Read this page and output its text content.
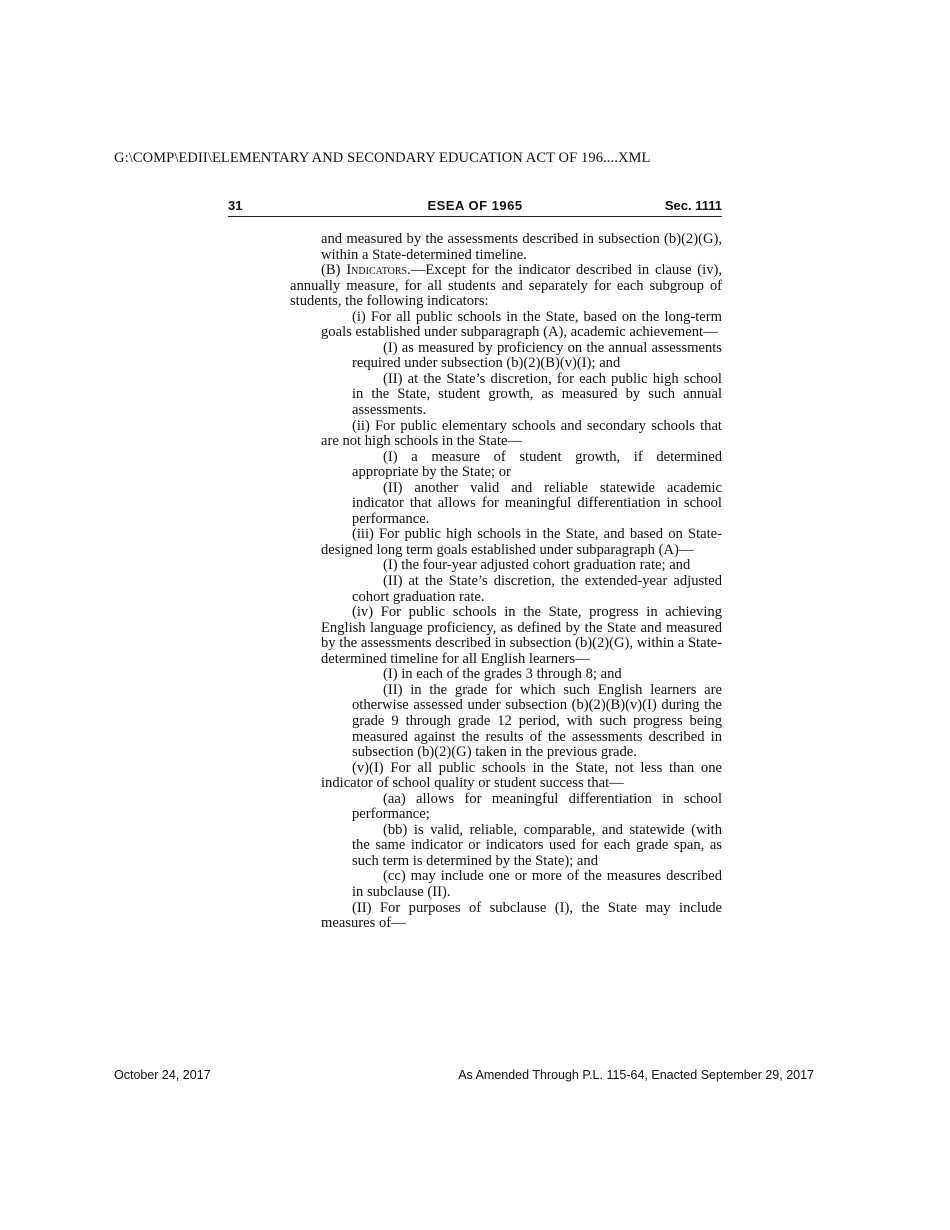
G:\COMP\EDII\ELEMENTARY AND SECONDARY EDUCATION ACT OF 196....XML
ESEA OF 1965
31	Sec. 1111

and measured by the assessments described in subsection (b)(2)(G), within a State-determined timeline.

(B) Indicators.—Except for the indicator described in clause (iv), annually measure, for all students and separately for each subgroup of students, the following indicators:

(i) For all public schools in the State, based on the long-term goals established under subparagraph (A), academic achievement—

(I) as measured by proficiency on the annual assessments required under subsection (b)(2)(B)(v)(I); and

(II) at the State’s discretion, for each public high school in the State, student growth, as measured by such annual assessments.

(ii) For public elementary schools and secondary schools that are not high schools in the State—

(I) a measure of student growth, if determined appropriate by the State; or

(II) another valid and reliable statewide academic indicator that allows for meaningful differentiation in school performance.

(iii) For public high schools in the State, and based on State-designed long term goals established under subparagraph (A)—

(I) the four-year adjusted cohort graduation rate; and

(II) at the State’s discretion, the extended-year adjusted cohort graduation rate.

(iv) For public schools in the State, progress in achieving English language proficiency, as defined by the State and measured by the assessments described in subsection (b)(2)(G), within a State-determined timeline for all English learners—

(I) in each of the grades 3 through 8; and

(II) in the grade for which such English learners are otherwise assessed under subsection (b)(2)(B)(v)(I) during the grade 9 through grade 12 period, with such progress being measured against the results of the assessments described in subsection (b)(2)(G) taken in the previous grade.

(v)(I) For all public schools in the State, not less than one indicator of school quality or student success that—

(aa) allows for meaningful differentiation in school performance;

(bb) is valid, reliable, comparable, and statewide (with the same indicator or indicators used for each grade span, as such term is determined by the State); and

(cc) may include one or more of the measures described in subclause (II).

(II) For purposes of subclause (I), the State may include measures of—

October 24, 2017	As Amended Through P.L. 115-64, Enacted September 29, 2017
